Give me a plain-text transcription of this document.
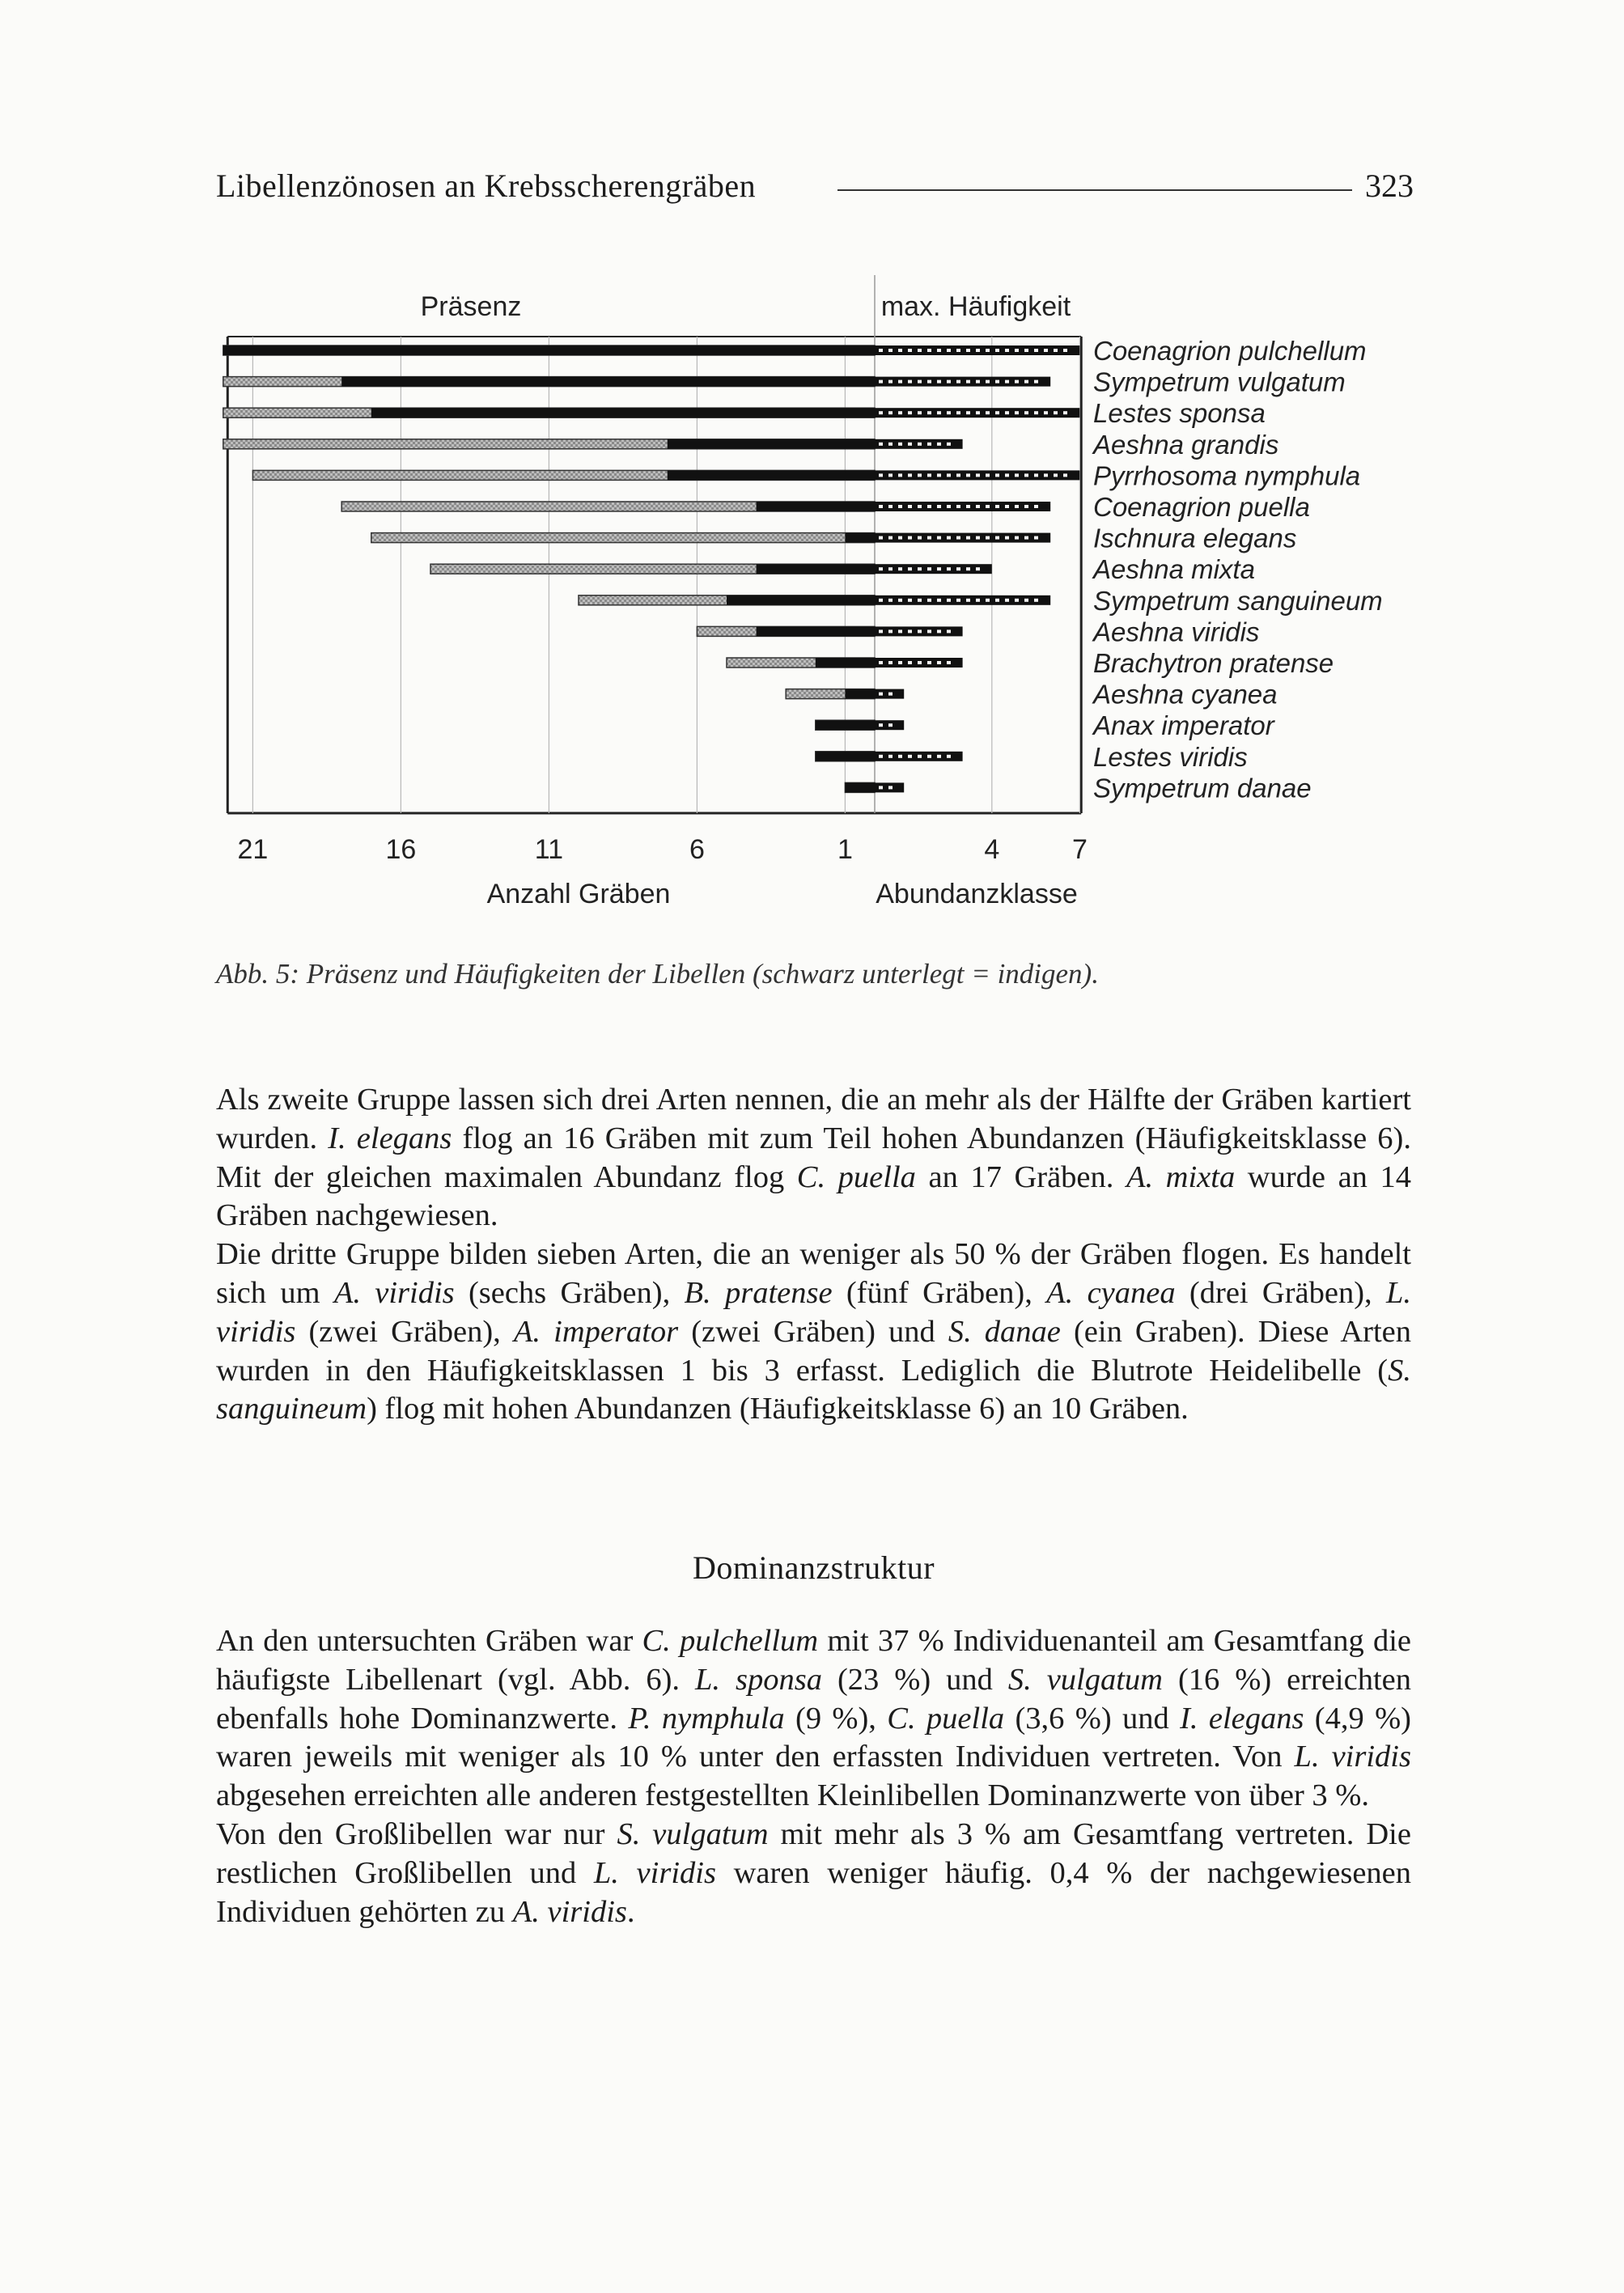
Libellenzönosen an Krebsscherengräben	323
Präsenz	max. Häufigkeit
Anzahl Gräben	Abundanzklasse
21	16	11	6	1	4	7
Coenagrion pulchellum
Sympetrum vulgatum
Lestes sponsa
Aeshna grandis
Pyrrhosoma nymphula
Coenagrion puella
Ischnura elegans
Aeshna mixta
Sympetrum sanguineum
Aeshna viridis
Brachytron pratense
Aeshna cyanea
Anax imperator
Lestes viridis
Sympetrum danae
Abb. 5: Präsenz und Häufigkeiten der Libellen (schwarz unterlegt = indigen).

Als zweite Gruppe lassen sich drei Arten nennen, die an mehr als der Hälfte der Gräben kartiert wurden. I. elegans flog an 16 Gräben mit zum Teil hohen Abundanzen (Häufigkeitsklasse 6). Mit der gleichen maximalen Abundanz flog C. puella an 17 Gräben. A. mixta wurde an 14 Gräben nachgewiesen.

Die dritte Gruppe bilden sieben Arten, die an weniger als 50 % der Gräben flogen. Es handelt sich um A. viridis (sechs Gräben), B. pratense (fünf Gräben), A. cyanea (drei Gräben), L. viridis (zwei Gräben), A. imperator (zwei Gräben) und S. danae (ein Graben). Diese Arten wurden in den Häufigkeitsklassen 1 bis 3 erfasst. Lediglich die Blutrote Heidelibelle (S. sanguineum) flog mit hohen Abundanzen (Häufigkeitsklasse 6) an 10 Gräben.

Dominanzstruktur

An den untersuchten Gräben war C. pulchellum mit 37 % Individuenanteil am Gesamtfang die häufigste Libellenart (vgl. Abb. 6). L. sponsa (23 %) und S. vulgatum (16 %) erreichten ebenfalls hohe Dominanzwerte. P. nymphula (9 %), C. puella (3,6 %) und I. elegans (4,9 %) waren jeweils mit weniger als 10 % unter den erfassten Individuen vertreten. Von L. viridis abgesehen erreichten alle anderen festgestellten Kleinlibellen Dominanzwerte von über 3 %.

Von den Großlibellen war nur S. vulgatum mit mehr als 3 % am Gesamtfang vertreten. Die restlichen Großlibellen und L. viridis waren weniger häufig. 0,4 % der nachgewiesenen Individuen gehörten zu A. viridis.
